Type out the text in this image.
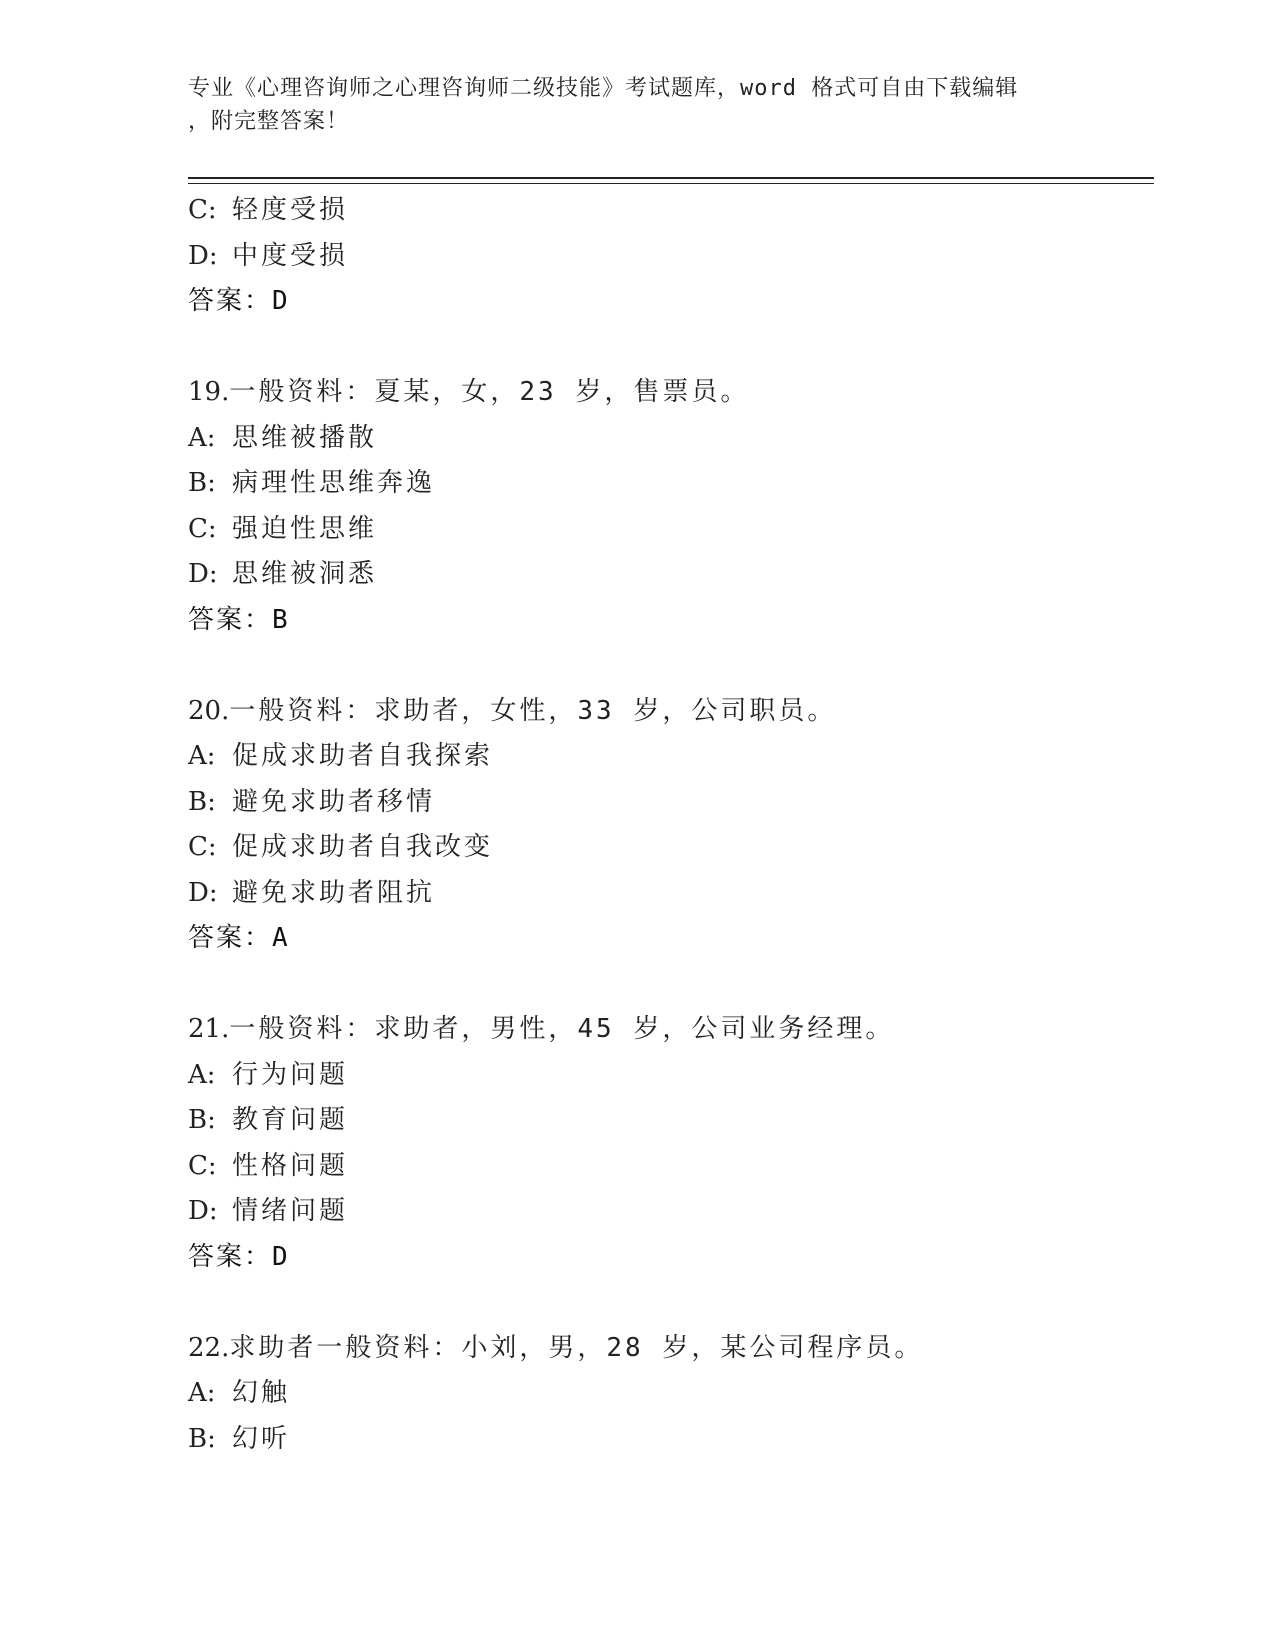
专业《心理咨询师之心理咨询师二级技能》考试题库，word 格式可自由下载编辑
，附完整答案！
C: 轻度受损
D: 中度受损
答案：D
19.一般资料：夏某，女，23 岁，售票员。
A: 思维被播散
B: 病理性思维奔逸
C: 强迫性思维
D: 思维被洞悉
答案：B
20.一般资料：求助者，女性，33 岁，公司职员。
A: 促成求助者自我探索
B: 避免求助者移情
C: 促成求助者自我改变
D: 避免求助者阻抗
答案：A
21.一般资料：求助者，男性，45 岁，公司业务经理。
A: 行为问题
B: 教育问题
C: 性格问题
D: 情绪问题
答案：D
22.求助者一般资料：小刘，男，28 岁，某公司程序员。
A: 幻触
B: 幻听
